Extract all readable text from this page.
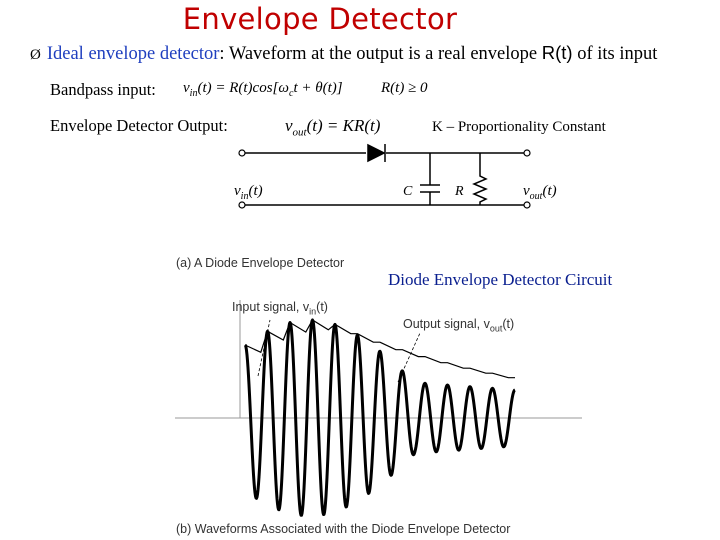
Envelope Detector
Ø Ideal envelope detector: Waveform at the output is a real envelope R(t) of its input
Bandpass input: $v_{in}(t) = R(t)\cos[\omega_ct + \theta(t)]$	R(t) ≥ 0
Envelope Detector Output:	$v_{out}(t) = KR(t)$	K – Proportionality Constant
$v_{in}(t)$	C	R	$v_{out}(t)$
(a) A Diode Envelope Detector
Diode Envelope Detector Circuit
Input signal, $v_{in}(t)$
Output signal, $v_{out}(t)$
(b) Waveforms Associated with the Diode Envelope Detector
